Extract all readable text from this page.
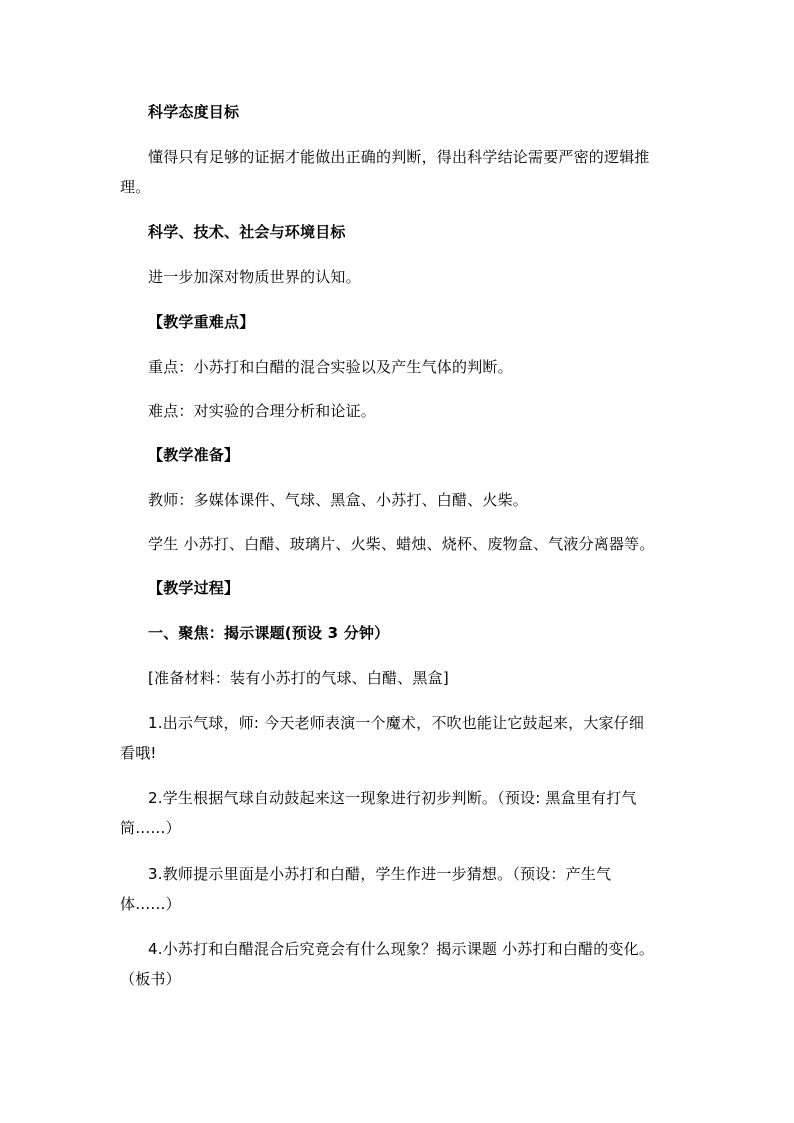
科学态度目标
懂得只有足够的证据才能做出正确的判断，得出科学结论需要严密的逻辑推
理。
科学、技术、社会与环境目标
进一步加深对物质世界的认知。
【教学重难点】
重点：小苏打和白醋的混合实验以及产生气体的判断。
难点：对实验的合理分析和论证。
【教学准备】
教师：多媒体课件、气球、黑盒、小苏打、白醋、火柴。
学生 小苏打、白醋、玻璃片、火柴、蜡烛、烧杯、废物盒、气液分离器等。
【教学过程】
一、聚焦：揭示课题(预设 3 分钟）
[准备材料：装有小苏打的气球、白醋、黑盒]
1.出示气球，师: 今天老师表演一个魔术，不吹也能让它鼓起来，大家仔细
看哦!
2.学生根据气球自动鼓起来这一现象进行初步判断。（预设: 黑盒里有打气
筒……）
3.教师提示里面是小苏打和白醋，学生作进一步猜想。（预设：产生气
体……）
4.小苏打和白醋混合后究竟会有什么现象？揭示课题 小苏打和白醋的变化。
（板书）
